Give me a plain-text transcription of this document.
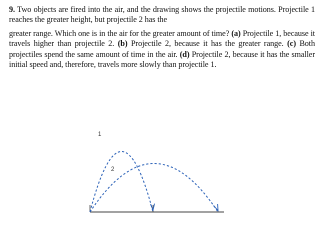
9. Two objects are fired into the air, and the drawing shows the projectile motions. Projectile 1 reaches the greater height, but projectile 2 has the

greater range. Which one is in the air for the greater amount of time? (a) Projectile 1, because it travels higher than projectile 2. (b) Projectile 2, because it has the greater range. (c) Both projectiles spend the same amount of time in the air. (d) Projectile 2, because it has the smaller initial speed and, therefore, travels more slowly than projectile 1.

1
2
